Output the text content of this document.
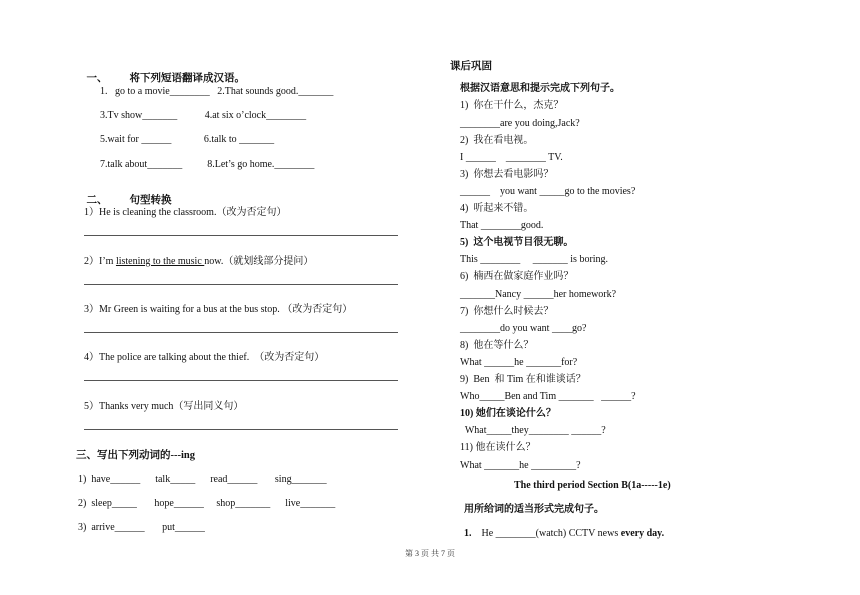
一、 将下列短语翻译成汉语。

1.   go to a movie________   2.That sounds good._______
3.Tv show_______           4.at six o’clock________
5.wait for ______             6.talk to _______
7.talk about_______          8.Let’s go home.________

二、 句型转换

1）He is cleaning the classroom.（改为否定句）
2）I’m listening to the music now.（就划线部分提问）
3）Mr Green is waiting for a bus at the bus stop. （改为否定句）
4）The police are talking about the thief.  （改为否定句）
5）Thanks very much（写出同义句）
三、写出下列动词的---ing
1)  have______      talk_____      read______       sing_______
2)  sleep_____       hope______     shop_______      live_______
3)  arrive______       put______
课后巩固
根据汉语意思和提示完成下列句子。
1)  你在干什么，杰克？
________are you doing,Jack?
2)  我在看电视。
I ______    ________ TV.
3)  你想去看电影吗？
______    you want _____go to the movies?
4)  听起来不错。
That ________good.
5)  这个电视节目很无聊。
This ________     _______ is boring.
6)  楠西在做家庭作业吗？
_______Nancy ______her homework?
7)  你想什么时候去？
________do you want ____go?
8)  他在等什么？
What ______he _______for?
9)  Ben  和 Tim 在和谁谈话？
Who_____Ben and Tim _______   ______?
10) 她们在谈论什么？
What_____they________ ______?
11) 他在读什么？
What _______he _________?
The third period Section B(1a-----1e)
用所给词的适当形式完成句子。
1. He ________(watch) CCTV news every day.
第 3 页 共 7 页
